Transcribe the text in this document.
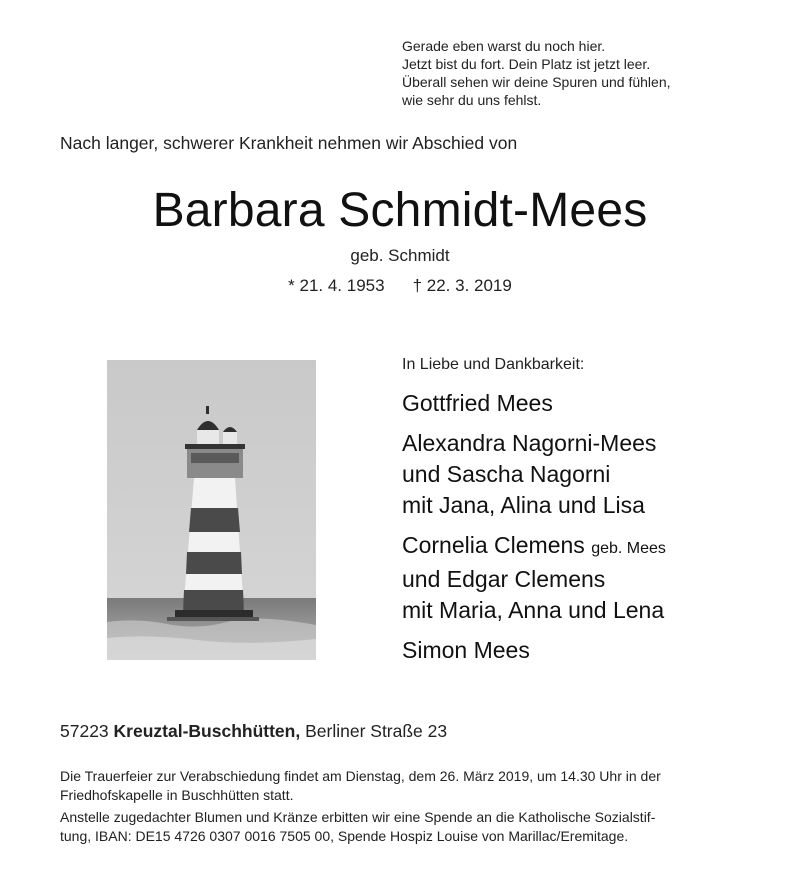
Gerade eben warst du noch hier.
Jetzt bist du fort. Dein Platz ist jetzt leer.
Überall sehen wir deine Spuren und fühlen,
wie sehr du uns fehlst.
Nach langer, schwerer Krankheit nehmen wir Abschied von
Barbara Schmidt-Mees
geb. Schmidt
* 21. 4. 1953 † 22. 3. 2019
In Liebe und Dankbarkeit:
Gottfried Mees
Alexandra Nagorni-Mees
und Sascha Nagorni
mit Jana, Alina und Lisa
Cornelia Clemens geb. Mees
und Edgar Clemens
mit Maria, Anna und Lena
Simon Mees
57223 Kreuztal-Buschhütten, Berliner Straße 23
Die Trauerfeier zur Verabschiedung findet am Dienstag, dem 26. März 2019, um 14.30 Uhr in der
Friedhofskapelle in Buschhütten statt.
Anstelle zugedachter Blumen und Kränze erbitten wir eine Spende an die Katholische Sozialstif-
tung, IBAN: DE15 4726 0307 0016 7505 00, Spende Hospiz Louise von Marillac/Eremitage.
